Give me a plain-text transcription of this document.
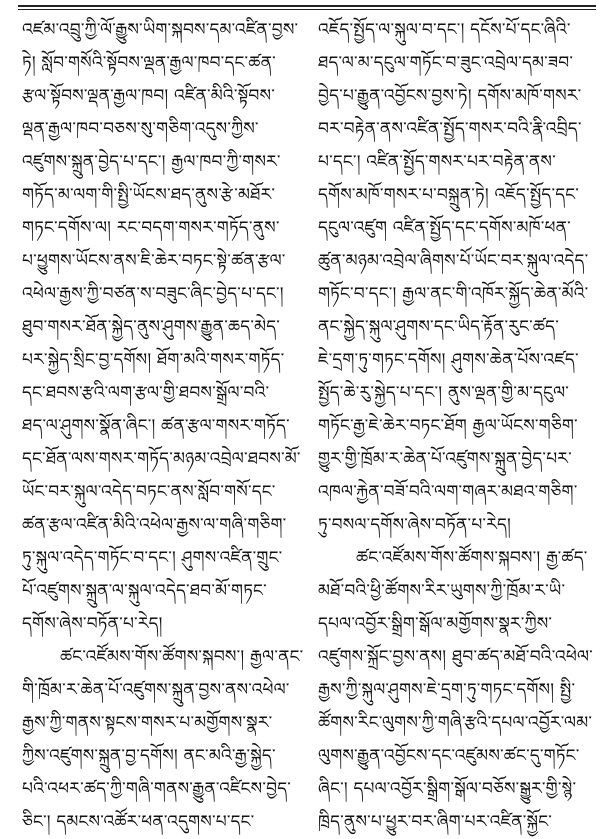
འཛམ་འབྲུ་ཀྱི་ལོ་རྒྱུས་ཡིག་སྐབས་དམ་འཛིན་བྱས་
ཏེ། སློབ་གསོའི་སྟོབས་ལྡན་རྒྱལ་ཁབ་དང་ཚན་
རྩལ་སྟོབས་ལྡན་རྒྱལ་ཁབ། འཛིན་མིའི་སྟོབས་
ལྡན་རྒྱལ་ཁབ་བཅས་སུ་གཅིག་འདུས་ཀྱིས་
འཛུགས་སྐྲུན་བྱེད་པ་དང་། རྒྱལ་ཁབ་ཀྱི་གསར་
གཏོད་མ་ལག་གི་སྤྱི་ཡོངས་ཐད་ནུས་རྩེ་མཐོར་
གཏང་དགོས་ལ། རང་བདག་གསར་གཏོད་ནུས་
པ་ཕྱུགས་ཡོངས་ནས་ཇི་ཆེར་བཏང་སྟེ་ཚན་རྩལ་
འཕེལ་རྒྱས་ཀྱི་བཙན་ས་བཟུང་ཞིང་བྱེད་པ་དང་།
ཐུབ་གསར་ཐོན་སྐྱེད་ནུས་ཤུགས་རྒྱུན་ཆད་མེད་
པར་སྐྱེད་སྲིང་བྱ་དགོས། ཐོག་མའི་གསར་གཏོད་
དང་ཐབས་རྩའི་ལག་རྩལ་གྱི་ཐབས་སྒྲོལ་བའི་
ཐད་ལ་ཤུགས་སྣོན་ཞིང་། ཚན་རྩལ་གསར་གཏོད་
དང་ཐོན་ལས་གསར་གཏོད་མཉམ་འབྲེལ་ཐབས་མོ་
ཡོང་བར་སྐུལ་འདེད་བཏང་ནས་སློབ་གསོ་དང་
ཚན་རྩལ་འཛིན་མིའི་འཕེལ་རྒྱས་ལ་གཞི་གཅིག་
ཏུ་སྐུལ་འདེད་གཏོང་བ་དང་། ཤུགས་འཛིན་གྲུང་
པོ་འཛུགས་སྐྲུན་ལ་སྐུལ་འདེད་ཐབ་མོ་གཏང་
དགོས་ཞེས་བཏོན་པ་རེད།
ཚང་འཛོམས་གོས་ཚོགས་སྐབས་། རྒྱལ་ནང་
གི་ཁྲོམ་ར་ཆེན་པོ་འཛུགས་སྐྲུན་བྱས་ནས་འཕེལ་
རྒྱས་ཀྱི་གནས་སྟངས་གསར་པ་མགྱོགས་སྣར་
ཀྱིས་འཛུགས་སྐྲུན་བྱ་དགོས། ནང་མའི་རྒྱ་སྐྱེད་
པའི་འཕར་ཚད་ཀྱི་གཞི་གནས་རྒྱུན་འཛིངས་བྱེད་
ཅིང་། དམངས་འཚོར་ཕན་འདུགས་པ་དང་
འཇོད་སྤྱོད་ལ་སྐུལ་བ་དང་། དངོས་པོ་དང་ཞིའི་
ཐད་ལ་མ་དངུལ་གཏོང་བ་ཟུང་འབྲེལ་དམ་ཟབ་
བྱེད་པ་རྒྱུན་འབྱོངས་བྱས་ཏེ། དགོས་མཁོ་གསར་
བར་བརྟེན་ནས་འཛིན་སྤྱོད་གསར་བའི་རྣི་འབྲིད་
པ་དང་། འཛིན་སྤྱོད་གསར་པར་བརྟེན་ནས་
དགོས་མཁོ་གསར་པ་བསྐྲུན་ཏེ། འཇོད་སྤྱོད་དང་
དངུལ་འཛུག འཛིན་སྤྱོད་དང་དགོས་མཁོ་ཕན་
ཚུན་མཉམ་འབྲེལ་ཞིགས་པོ་ཡོང་བར་སྐུལ་འདེད་
གཏོང་བ་དང་། རྒྱལ་ནང་གི་འཁོར་སྐྱོད་ཆེན་མོའི་
ནང་སྐྱེད་སྐུལ་ཤུགས་དང་ཡིད་རྟོན་རུང་ཚད་
ཇེ་དྲག་ཏུ་གཏང་དགོས། ཤུགས་ཆེན་པོས་འཛད་
སྤྱོད་ཆེ་རུ་སྐྱེད་པ་དང་། ནུས་ལྡན་གྱི་མ་དངུལ་
གཏོང་རྒྱ་ཇེ་ཆེར་བཏང་ཐོག རྒྱལ་ཡོངས་གཅིག་
གྱུར་གྱི་ཁྲོམ་ར་ཆེན་པོ་འཛུགས་སྐྲུན་བྱེད་པར་
འཁལ་རྐྱེན་བཟོ་བའི་ལག་གཞར་མཐའ་གཅིག་
ཏུ་བསལ་དགོས་ཞེས་བཏོན་པ་རེད།
ཚང་འཛོམས་གོས་ཚོགས་སྐབས་། རྒྱ་ཚད་
མཐོ་བའི་ཕྱི་ཚོགས་རིར་ཡུགས་ཀྱི་ཁྲོམ་ར་ཡི་
དཔལ་འབྱོར་སྒྲིག་སྒོལ་མགྱོགས་སྣར་ཀྱིས་
འཛུགས་སྐྲོང་བྱས་ནས། ཐུབ་ཚད་མཐོ་བའི་འཕེལ་
རྒྱས་ཀྱི་སྐུལ་ཤུགས་ཇེ་དྲག་ཏུ་གཏང་དགོས། སྤྱི་
ཚོགས་རིང་ལུགས་ཀྱི་གཞི་རྩའི་དཔལ་འབྱོར་ལམ་
ལུགས་རྒྱུན་འབྱོངས་དང་འཛུམས་ཚང་དུ་གཏོང་
ཞིང་། དཔལ་འབྱོར་སྒྲིག་སྒོལ་བཅོས་སྒྱུར་གྱི་སྙེ་
ཁྲིད་ནུས་པ་ཕྱུར་བར་ཞིག་པར་འཛིན་སྐྱོང་
